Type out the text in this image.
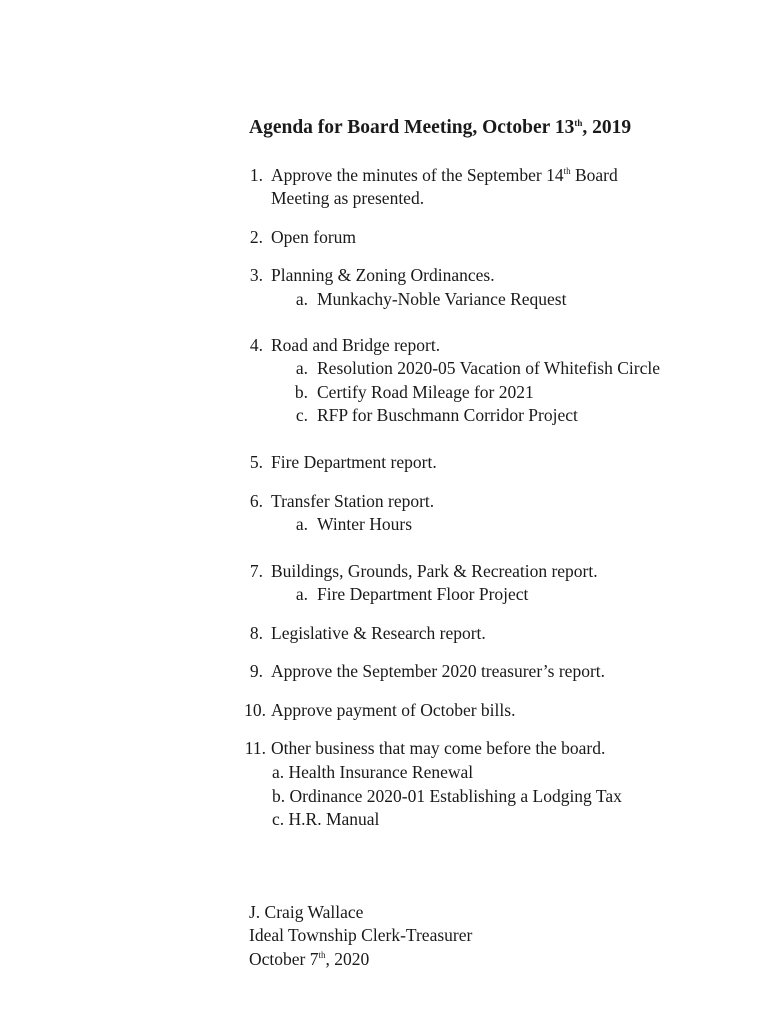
Agenda for Board Meeting, October 13th, 2019
1. Approve the minutes of the September 14th Board
Meeting as presented.
2. Open forum
3. Planning & Zoning Ordinances.
a. Munkachy-Noble Variance Request
4. Road and Bridge report.
a. Resolution 2020-05 Vacation of Whitefish Circle
b. Certify Road Mileage for 2021
c. RFP for Buschmann Corridor Project
5. Fire Department report.
6. Transfer Station report.
a. Winter Hours
7. Buildings, Grounds, Park & Recreation report.
a. Fire Department Floor Project
8. Legislative & Research report.
9. Approve the September 2020 treasurer’s report.
10. Approve payment of October bills.
11. Other business that may come before the board.
a. Health Insurance Renewal
b. Ordinance 2020-01 Establishing a Lodging Tax
c. H.R. Manual
J. Craig Wallace
Ideal Township Clerk-Treasurer
October 7th, 2020
